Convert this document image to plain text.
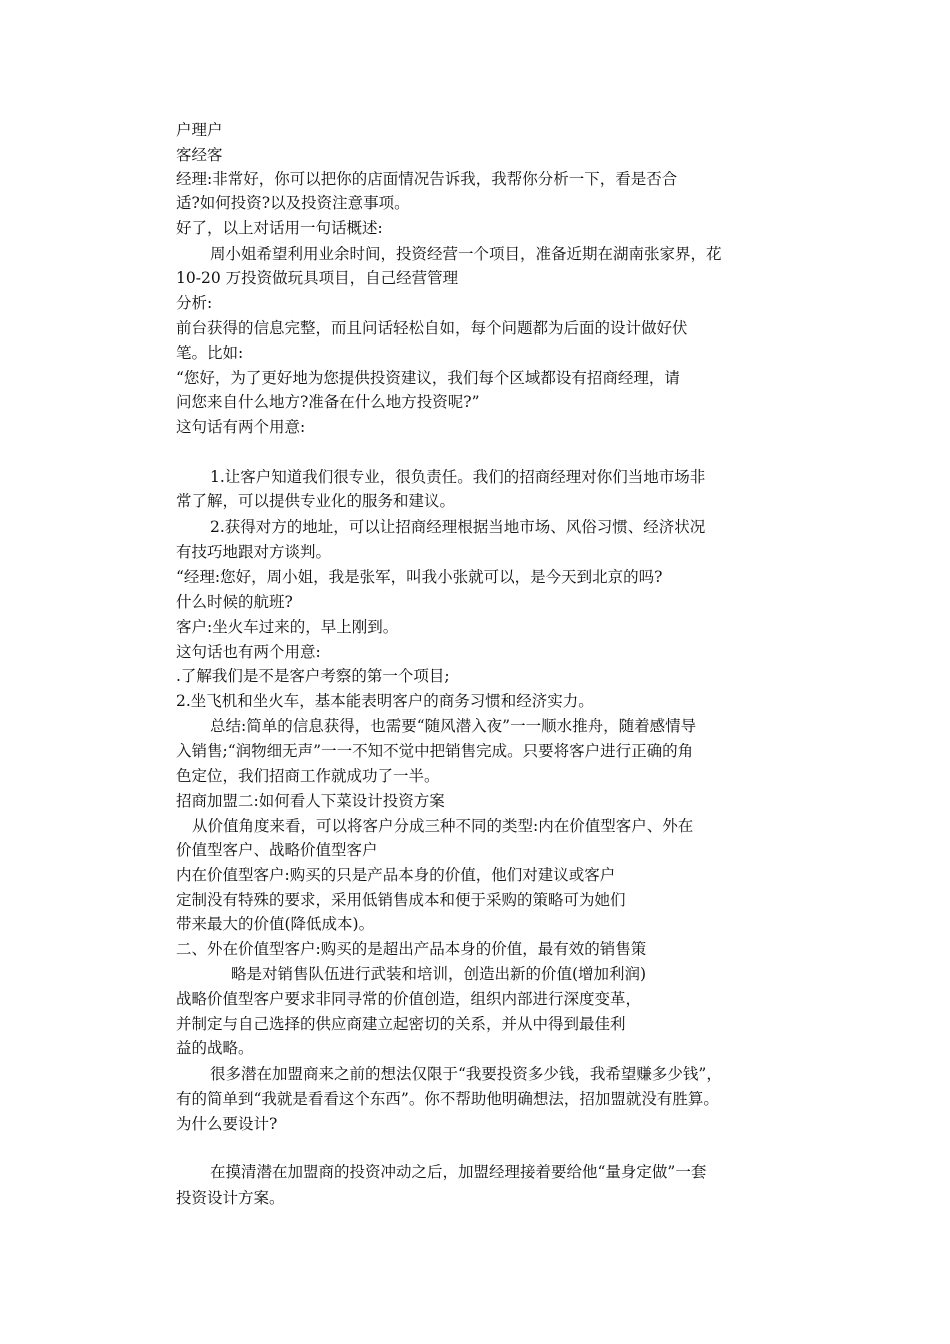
户理户
客经客
经理:非常好，你可以把你的店面情况告诉我，我帮你分析一下，看是否合
适?如何投资?以及投资注意事项。
好了，以上对话用一句话概述:
周小姐希望利用业余时间，投资经营一个项目，准备近期在湖南张家界，花
10-20 万投资做玩具项目，自己经营管理
分析:
前台获得的信息完整，而且问话轻松自如，每个问题都为后面的设计做好伏
笔。比如:
“您好，为了更好地为您提供投资建议，我们每个区域都设有招商经理，请
问您来自什么地方?准备在什么地方投资呢?”
这句话有两个用意:
1.让客户知道我们很专业，很负责任。我们的招商经理对你们当地市场非
常了解，可以提供专业化的服务和建议。
2.获得对方的地址，可以让招商经理根据当地市场、风俗习惯、经济状况
有技巧地跟对方谈判。
“经理:您好，周小姐，我是张军，叫我小张就可以，是今天到北京的吗?
什么时候的航班?
客户:坐火车过来的，早上刚到。
这句话也有两个用意:
.了解我们是不是客户考察的第一个项目;
2.坐飞机和坐火车，基本能表明客户的商务习惯和经济实力。
总结:简单的信息获得，也需要“随风潜入夜”一一顺水推舟，随着感情导
入销售;“润物细无声”一一不知不觉中把销售完成。只要将客户进行正确的角
色定位，我们招商工作就成功了一半。
招商加盟二:如何看人下菜设计投资方案
从价值角度来看，可以将客户分成三种不同的类型:内在价值型客户、外在
价值型客户、战略价值型客户
内在价值型客户:购买的只是产品本身的价值，他们对建议或客户
定制没有特殊的要求，采用低销售成本和便于采购的策略可为她们
带来最大的价值(降低成本)。
二、外在价值型客户:购买的是超出产品本身的价值，最有效的销售策
略是对销售队伍进行武装和培训，创造出新的价值(增加利润)
战略价值型客户要求非同寻常的价值创造，组织内部进行深度变革，
并制定与自己选择的供应商建立起密切的关系，并从中得到最佳利
益的战略。
很多潜在加盟商来之前的想法仅限于“我要投资多少钱，我希望赚多少钱”，
有的简单到“我就是看看这个东西”。你不帮助他明确想法，招加盟就没有胜算。
为什么要设计?
在摸清潜在加盟商的投资冲动之后，加盟经理接着要给他“量身定做”一套
投资设计方案。
